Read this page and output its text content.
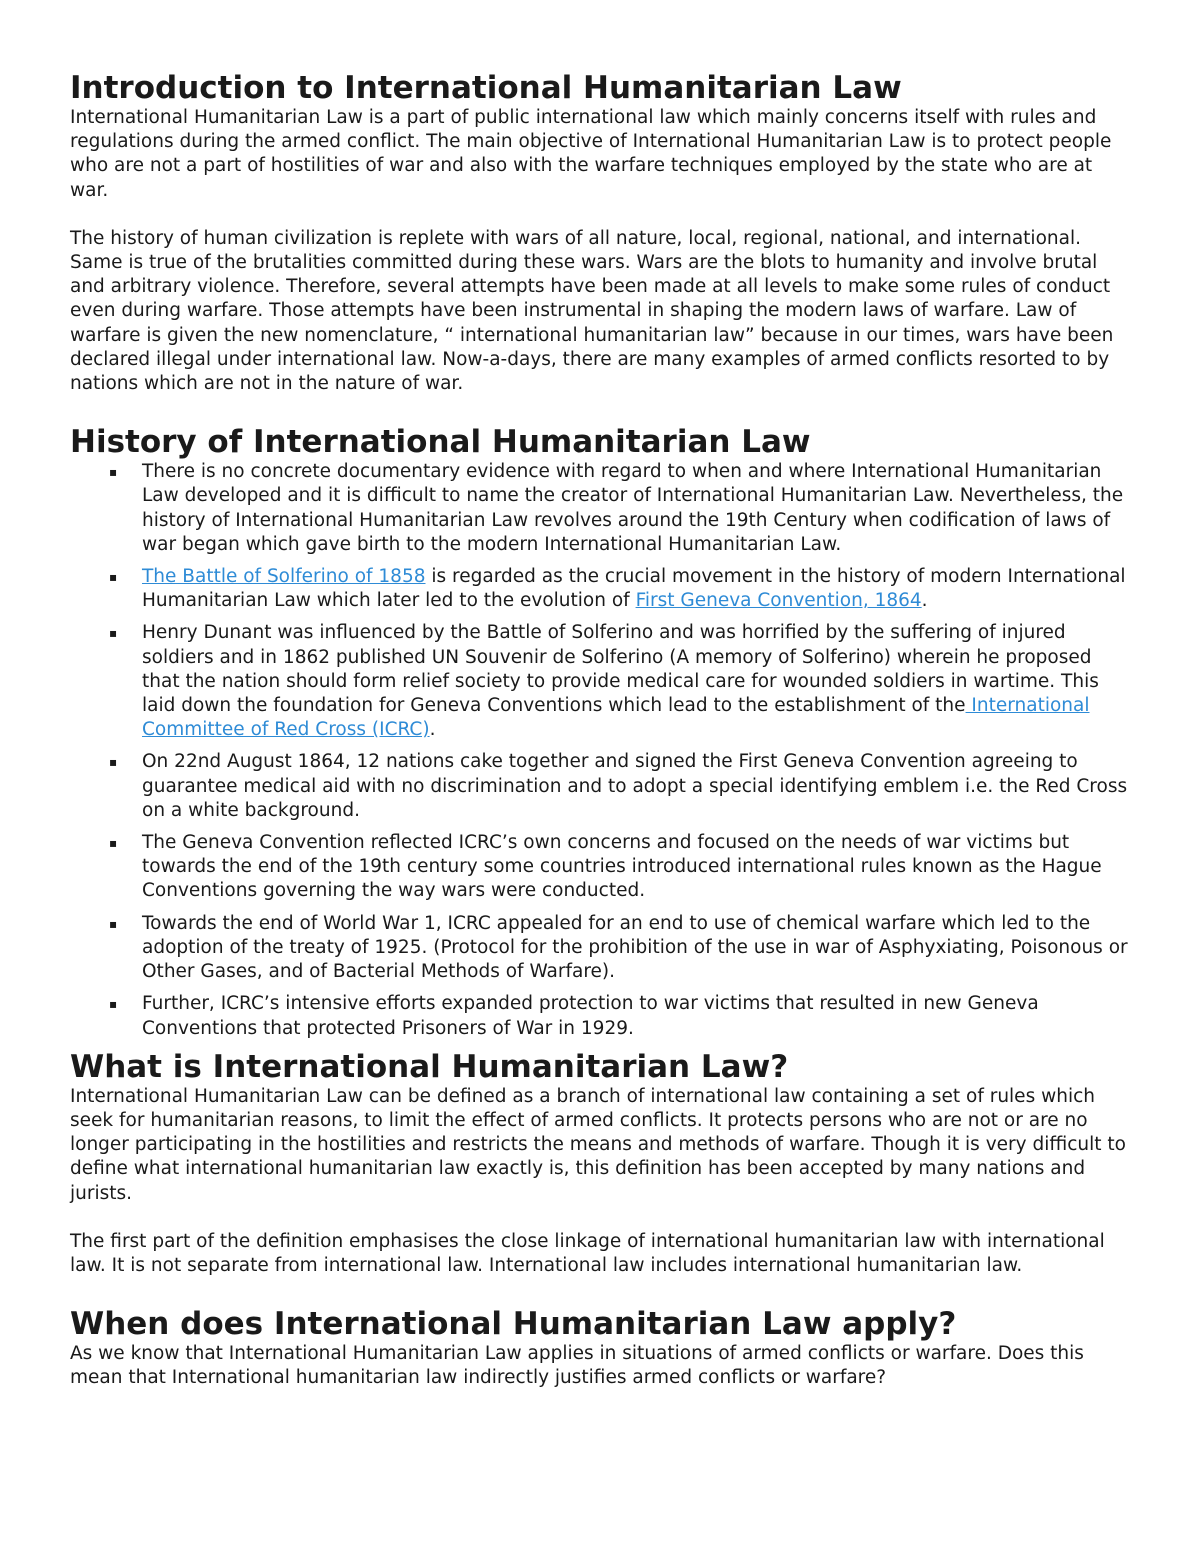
Introduction to International Humanitarian Law

International Humanitarian Law is a part of public international law which mainly concerns itself with rules and regulations during the armed conflict. The main objective of International Humanitarian Law is to protect people who are not a part of hostilities of war and also with the warfare techniques employed by the state who are at war.

The history of human civilization is replete with wars of all nature, local, regional, national, and international. Same is true of the brutalities committed during these wars. Wars are the blots to humanity and involve brutal and arbitrary violence. Therefore, several attempts have been made at all levels to make some rules of conduct even during warfare. Those attempts have been instrumental in shaping the modern laws of warfare. Law of warfare is given the new nomenclature, “ international humanitarian law” because in our times, wars have been declared illegal under international law. Now-a-days, there are many examples of armed conflicts resorted to by nations which are not in the nature of war.

History of International Humanitarian Law
▪ There is no concrete documentary evidence with regard to when and where International Humanitarian Law developed and it is difficult to name the creator of International Humanitarian Law. Nevertheless, the history of International Humanitarian Law revolves around the 19th Century when codification of laws of war began which gave birth to the modern International Humanitarian Law.
▪ The Battle of Solferino of 1858 is regarded as the crucial movement in the history of modern International Humanitarian Law which later led to the evolution of First Geneva Convention, 1864.
▪ Henry Dunant was influenced by the Battle of Solferino and was horrified by the suffering of injured soldiers and in 1862 published UN Souvenir de Solferino (A memory of Solferino) wherein he proposed that the nation should form relief society to provide medical care for wounded soldiers in wartime. This laid down the foundation for Geneva Conventions which lead to the establishment of the International Committee of Red Cross (ICRC).
▪ On 22nd August 1864, 12 nations cake together and signed the First Geneva Convention agreeing to guarantee medical aid with no discrimination and to adopt a special identifying emblem i.e. the Red Cross on a white background.
▪ The Geneva Convention reflected ICRC’s own concerns and focused on the needs of war victims but towards the end of the 19th century some countries introduced international rules known as the Hague Conventions governing the way wars were conducted.
▪ Towards the end of World War 1, ICRC appealed for an end to use of chemical warfare which led to the adoption of the treaty of 1925. (Protocol for the prohibition of the use in war of Asphyxiating, Poisonous or Other Gases, and of Bacterial Methods of Warfare).
▪ Further, ICRC’s intensive efforts expanded protection to war victims that resulted in new Geneva Conventions that protected Prisoners of War in 1929.
What is International Humanitarian Law?

International Humanitarian Law can be defined as a branch of international law containing a set of rules which seek for humanitarian reasons, to limit the effect of armed conflicts. It protects persons who are not or are no longer participating in the hostilities and restricts the means and methods of warfare. Though it is very difficult to define what international humanitarian law exactly is, this definition has been accepted by many nations and jurists.

The first part of the definition emphasises the close linkage of international humanitarian law with international law. It is not separate from international law. International law includes international humanitarian law.

When does International Humanitarian Law apply?

As we know that International Humanitarian Law applies in situations of armed conflicts or warfare. Does this mean that International humanitarian law indirectly justifies armed conflicts or warfare?
